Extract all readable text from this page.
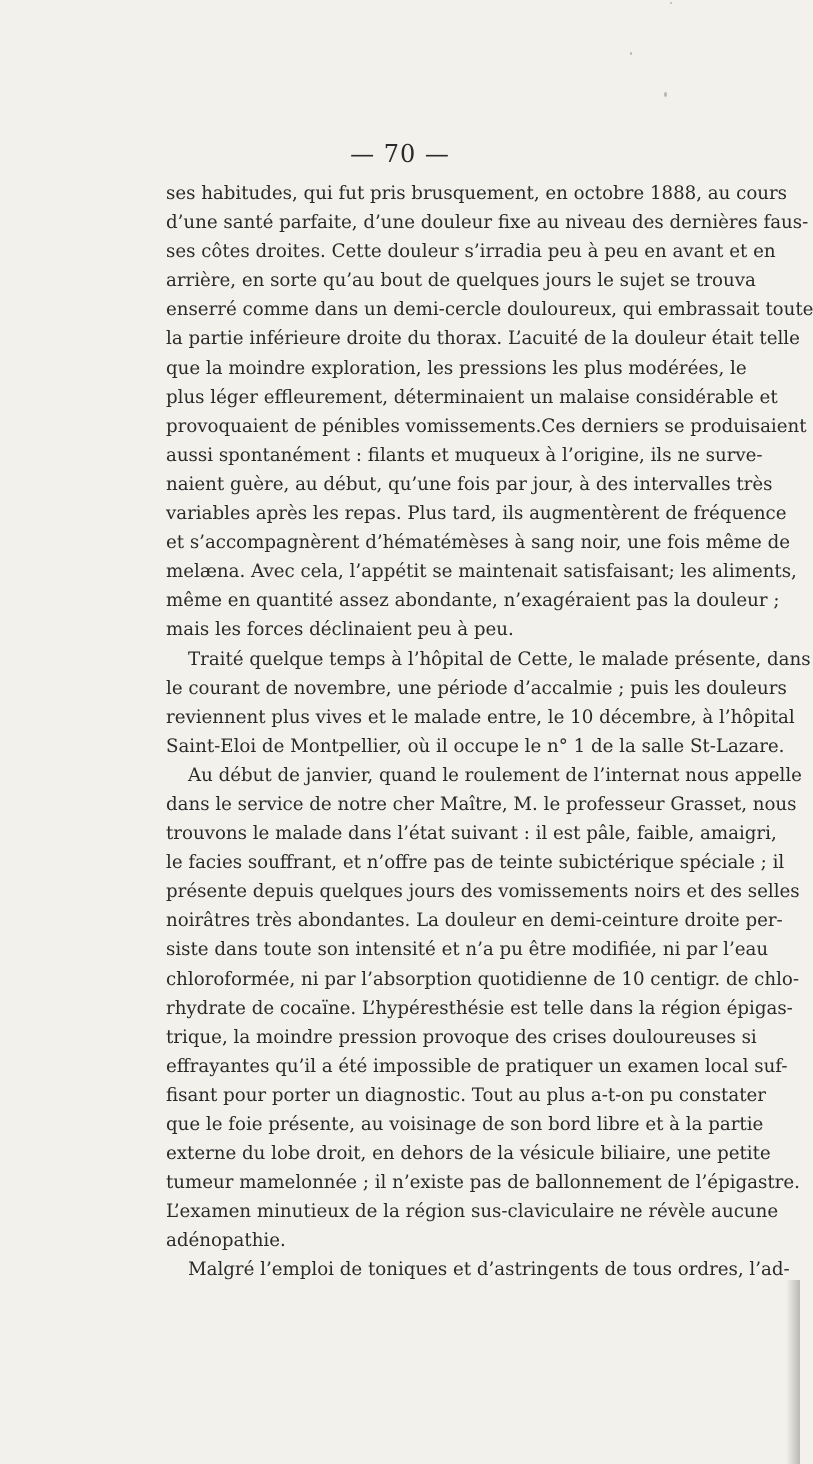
— 70 —
ses habitudes, qui fut pris brusquement, en octobre 1888, au cours
d’une santé parfaite, d’une douleur fixe au niveau des dernières faus-
ses côtes droites. Cette douleur s’irradia peu à peu en avant et en
arrière, en sorte qu’au bout de quelques jours le sujet se trouva
enserré comme dans un demi-cercle douloureux, qui embrassait toute
la partie inférieure droite du thorax. L’acuité de la douleur était telle
que la moindre exploration, les pressions les plus modérées, le
plus léger effleurement, déterminaient un malaise considérable et
provoquaient de pénibles vomissements.Ces derniers se produisaient
aussi spontanément : filants et muqueux à l’origine, ils ne surve-
naient guère, au début, qu’une fois par jour, à des intervalles très
variables après les repas. Plus tard, ils augmentèrent de fréquence
et s’accompagnèrent d’hématémèses à sang noir, une fois même de
melæna. Avec cela, l’appétit se maintenait satisfaisant; les aliments,
même en quantité assez abondante, n’exagéraient pas la douleur ;
mais les forces déclinaient peu à peu.
Traité quelque temps à l’hôpital de Cette, le malade présente, dans
le courant de novembre, une période d’accalmie ; puis les douleurs
reviennent plus vives et le malade entre, le 10 décembre, à l’hôpital
Saint-Eloi de Montpellier, où il occupe le n° 1 de la salle St-Lazare.
Au début de janvier, quand le roulement de l’internat nous appelle
dans le service de notre cher Maître, M. le professeur Grasset, nous
trouvons le malade dans l’état suivant : il est pâle, faible, amaigri,
le facies souffrant, et n’offre pas de teinte subictérique spéciale ; il
présente depuis quelques jours des vomissements noirs et des selles
noirâtres très abondantes. La douleur en demi-ceinture droite per-
siste dans toute son intensité et n’a pu être modifiée, ni par l’eau
chloroformée, ni par l’absorption quotidienne de 10 centigr. de chlo-
rhydrate de cocaïne. L’hypéresthésie est telle dans la région épigas-
trique, la moindre pression provoque des crises douloureuses si
effrayantes qu’il a été impossible de pratiquer un examen local suf-
fisant pour porter un diagnostic. Tout au plus a-t-on pu constater
que le foie présente, au voisinage de son bord libre et à la partie
externe du lobe droit, en dehors de la vésicule biliaire, une petite
tumeur mamelonnée ; il n’existe pas de ballonnement de l’épigastre.
L’examen minutieux de la région sus-claviculaire ne révèle aucune
adénopathie.
Malgré l’emploi de toniques et d’astringents de tous ordres, l’ad-
